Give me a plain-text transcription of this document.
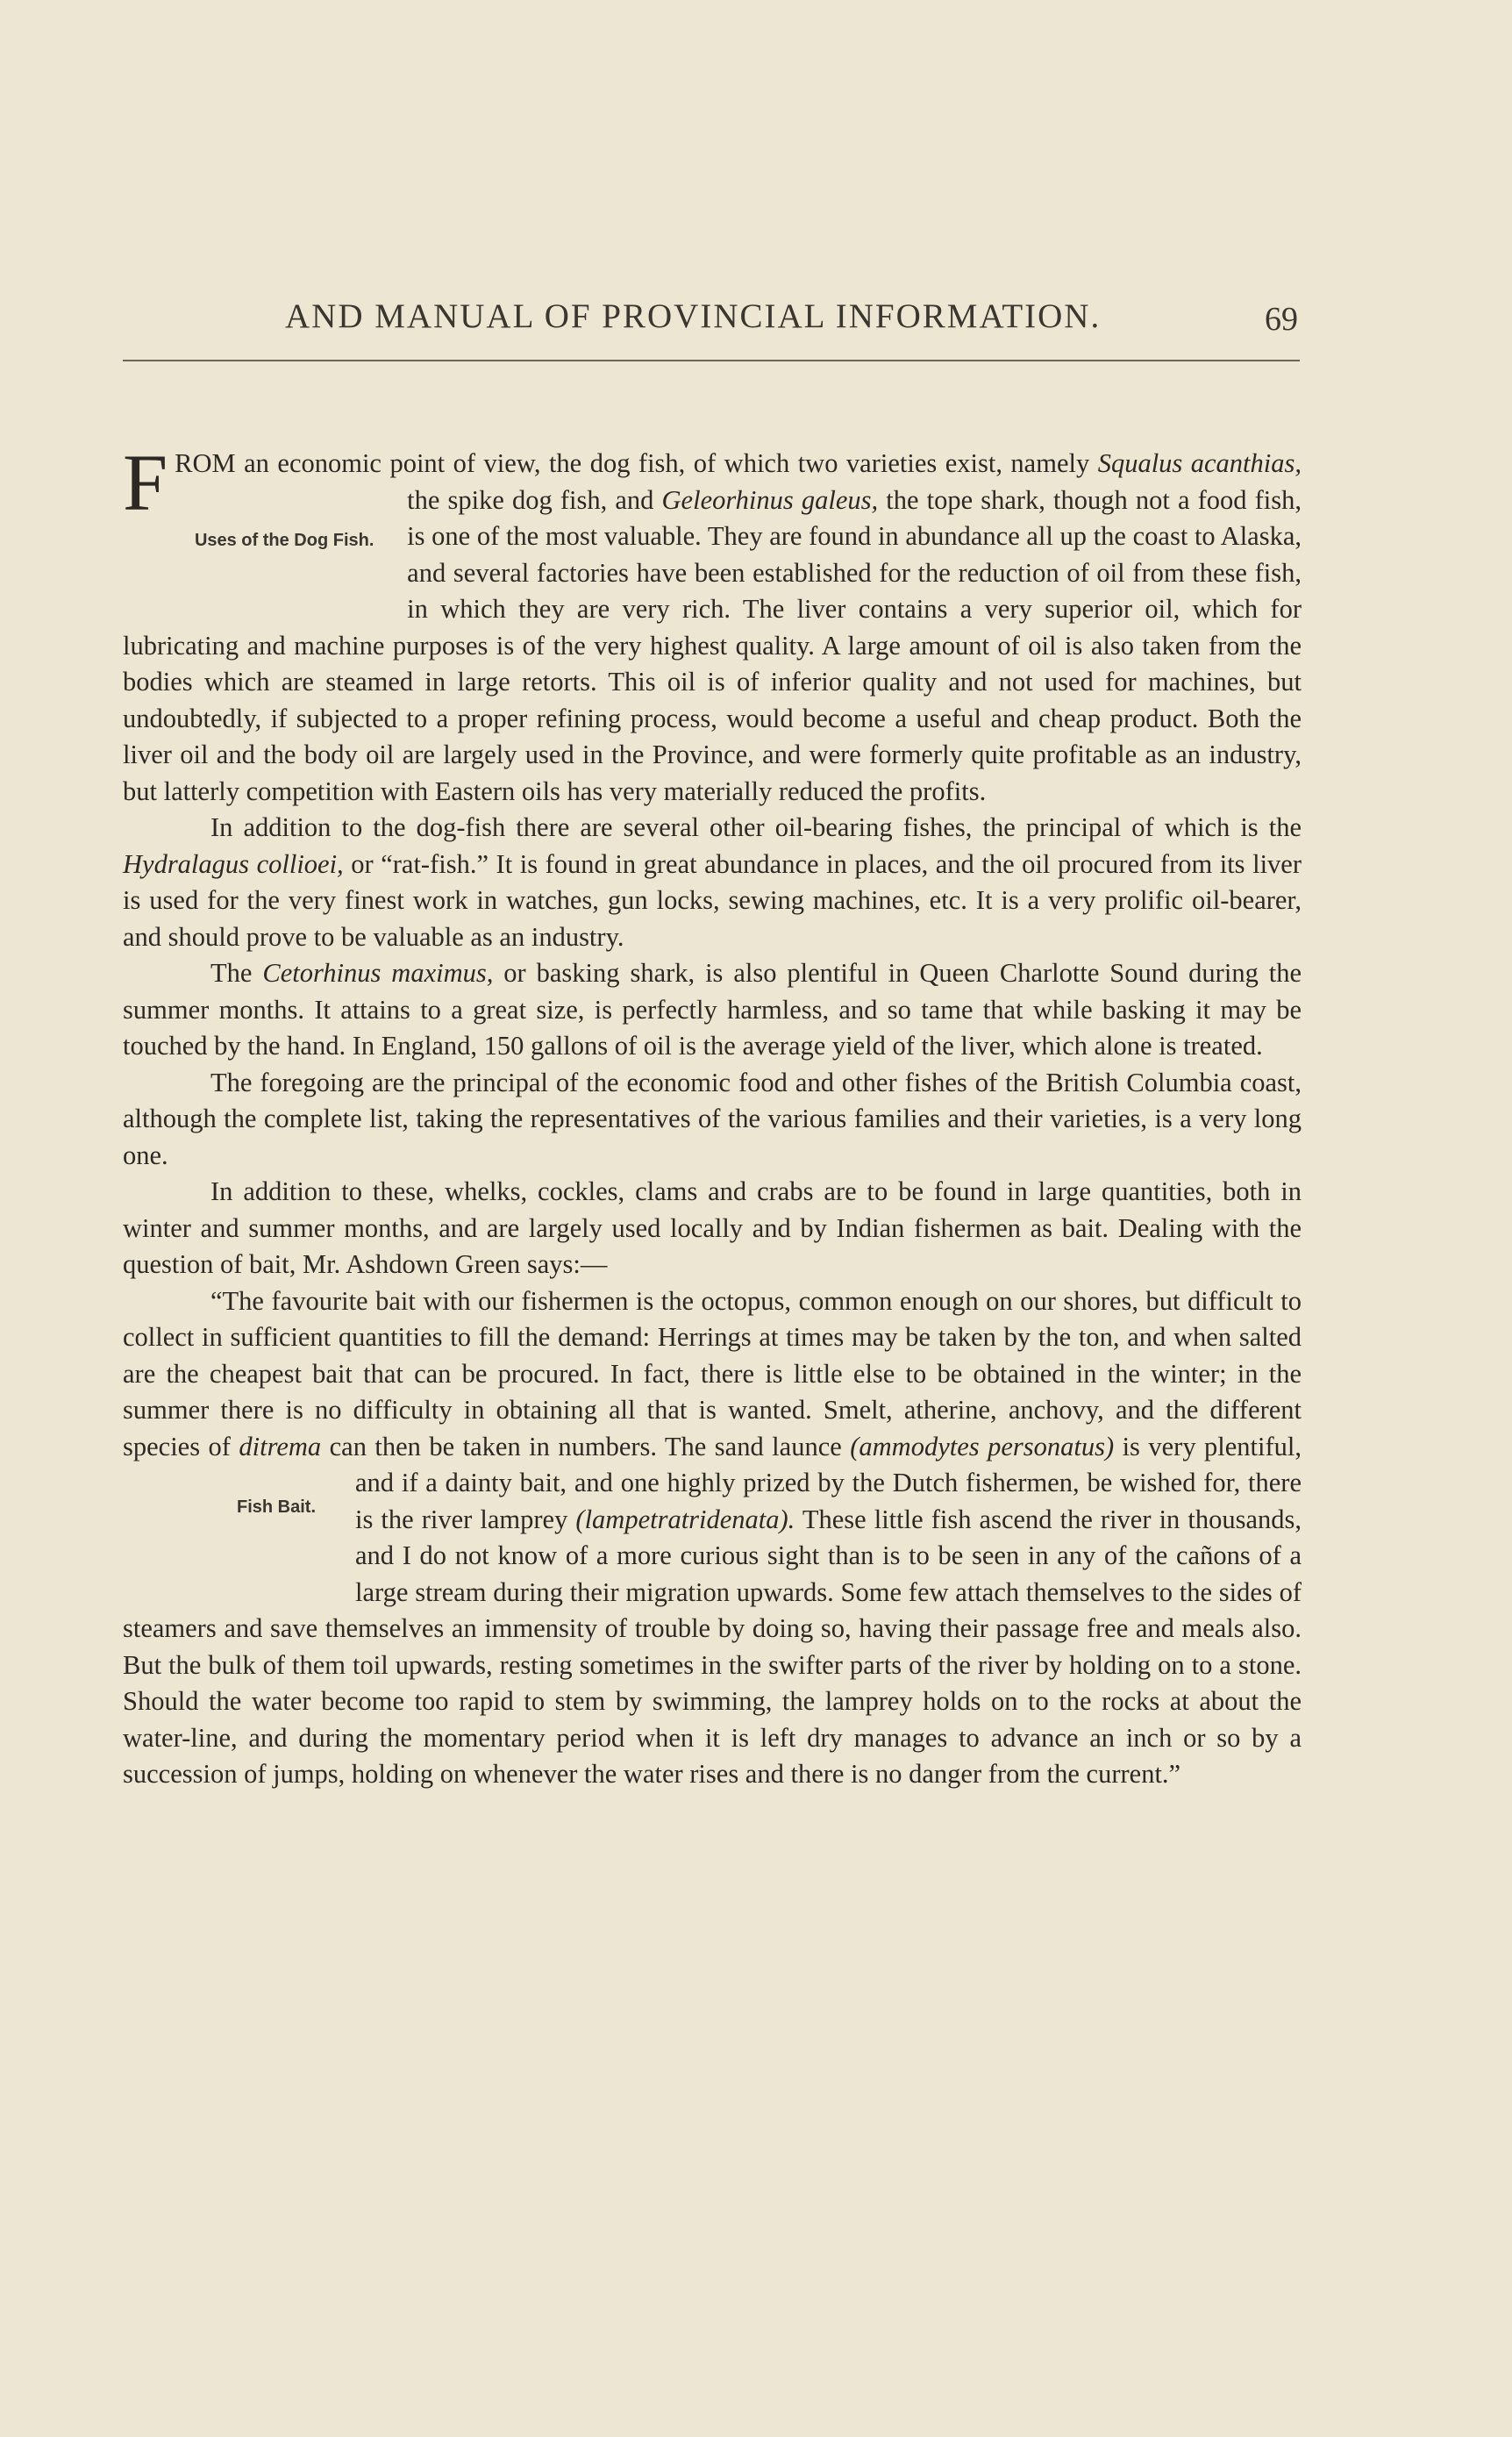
AND MANUAL OF PROVINCIAL INFORMATION.	69

FROM an economic point of view, the dog fish, of which two varieties exist, namely Squalus acanthias, the spike dog fish, and Geleorhinus galeus,
Uses of the Dog Fish.
the tope shark, though not a food fish, is one of the most valuable. They are found in abundance all up the coast to Alaska, and several factories have been established for the reduction of oil from these fish, in which they are very rich. The liver contains a very superior oil, which for lubricating and machine purposes is of the very highest quality. A large amount of oil is also taken from the bodies which are steamed in large retorts. This oil is of inferior quality and not used for machines, but undoubtedly, if subjected to a proper refining process, would become a useful and cheap product. Both the liver oil and the body oil are largely used in the Province, and were formerly quite profitable as an industry, but latterly competition with Eastern oils has very materially reduced the profits.

In addition to the dog-fish there are several other oil-bearing fishes, the principal of which is the Hydralagus collioei, or “rat-fish.” It is found in great abundance in places, and the oil procured from its liver is used for the very finest work in watches, gun locks, sewing machines, etc. It is a very prolific oil-bearer, and should prove to be valuable as an industry.

The Cetorhinus maximus, or basking shark, is also plentiful in Queen Charlotte Sound during the summer months. It attains to a great size, is perfectly harmless, and so tame that while basking it may be touched by the hand. In England, 150 gallons of oil is the average yield of the liver, which alone is treated.

The foregoing are the principal of the economic food and other fishes of the British Columbia coast, although the complete list, taking the representatives of the various families and their varieties, is a very long one.

In addition to these, whelks, cockles, clams and crabs are to be found in large quantities, both in winter and summer months, and are largely used locally and by Indian fishermen as bait. Dealing with the question of bait, Mr. Ashdown Green says:—

“The favourite bait with our fishermen is the octopus, common enough on our shores, but difficult to collect in sufficient quantities to fill the demand: Herrings at times may be taken by the ton, and when salted are the cheapest bait that can be procured. In fact, there is little else to be obtained in the winter; in the summer there is no difficulty in obtaining all that is wanted. Smelt, atherine, anchovy, and the different species of ditrema can then be taken in numbers. The sand launce (ammodytes personatus)
Fish Bait.
is very plentiful, and if a dainty bait, and one highly prized by the Dutch fishermen, be wished for, there is the river lamprey (lampetratridenata). These little fish ascend the river in thousands, and I do not know of a more curious sight than is to be seen in any of the cañons of a large stream during their migration upwards. Some few attach themselves to the sides of steamers and save themselves an immensity of trouble by doing so, having their passage free and meals also. But the bulk of them toil upwards, resting sometimes in the swifter parts of the river by holding on to a stone. Should the water become too rapid to stem by swimming, the lamprey holds on to the rocks at about the water-line, and during the momentary period when it is left dry manages to advance an inch or so by a succession of jumps, holding on whenever the water rises and there is no danger from the current.”
